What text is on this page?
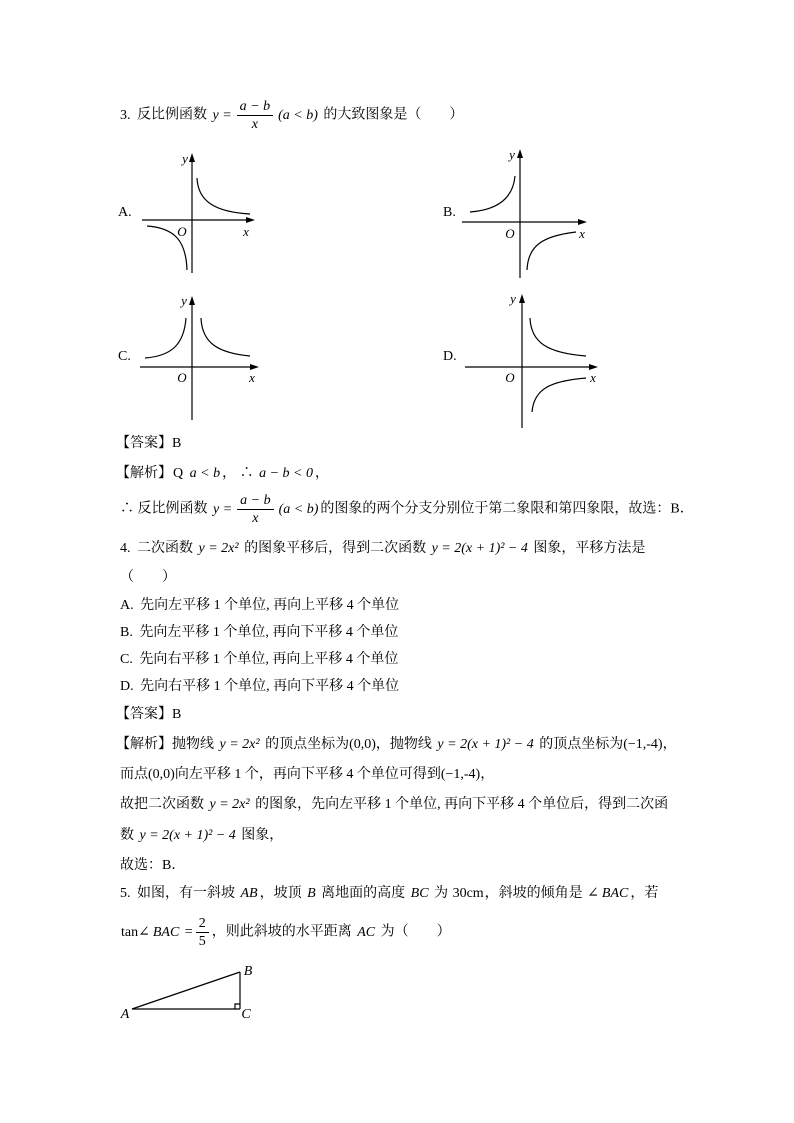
3. 反比例函数 $y = \frac{a - b}{x} (a < b)$ 的大致图象是（　　）
A.
y
O	x
B.
y
O	x
C.
y
O	x
D.
y
O	x
【答案】B
【解析】Q a < b ， ∴ a − b < 0 ，
∴ 反比例函数 $y = \frac{a - b}{x} (a < b)$ 的图象的两个分支分别位于第二象限和第四象限，故选：B．
4. 二次函数 y = 2x² 的图象平移后，得到二次函数 y = 2(x + 1)² − 4 图象，平移方法是
（　　）
A. 先向左平移 1 个单位, 再向上平移 4 个单位
B. 先向左平移 1 个单位, 再向下平移 4 个单位
C. 先向右平移 1 个单位, 再向上平移 4 个单位
D. 先向右平移 1 个单位, 再向下平移 4 个单位
【答案】B
【解析】抛物线 y = 2x² 的顶点坐标为(0,0)，抛物线 y = 2(x + 1)² − 4 的顶点坐标为(−1,-4)，
而点(0,0)向左平移 1 个，再向下平移 4 个单位可得到(−1,-4)，
故把二次函数 y = 2x² 的图象，先向左平移 1 个单位, 再向下平移 4 个单位后，得到二次函
数 y = 2(x + 1)² − 4 图象，
故选：B．
5. 如图，有一斜坡 AB ，坡顶 B 离地面的高度 BC 为 30cm，斜坡的倾角是 ∠ BAC ，若
tan∠ BAC = $\frac{2}{5}$ ，则此斜坡的水平距离 AC 为（　　）
A
B
C
